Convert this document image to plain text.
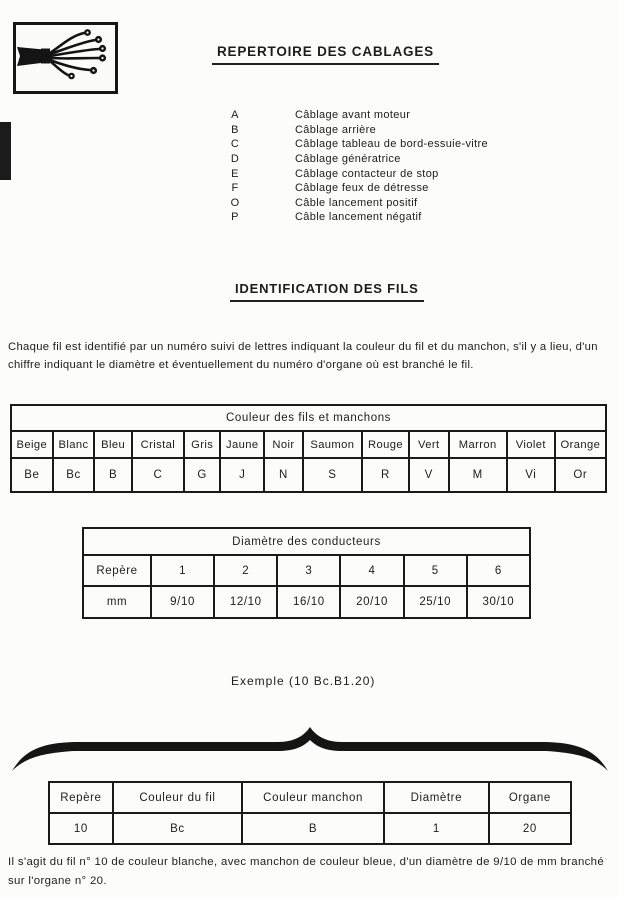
REPERTOIRE DES CABLAGES
A	Câblage avant moteur
B	Câblage arrière
C	Câblage tableau de bord-essuie-vitre
D	Câblage génératrice
E	Câblage contacteur de stop
F	Câblage feux de détresse
O	Câble lancement positif
P	Câble lancement négatif
IDENTIFICATION DES FILS
Chaque fil est identifié par un numéro suivi de lettres indiquant la couleur du fil et du manchon, s'il y a lieu, d'un chiffre indiquant le diamètre et éventuellement du numéro d'organe où est branché le fil.
Couleur des fils et manchons												
Beige	Blanc	Bleu	Cristal	Gris	Jaune	Noir	Saumon	Rouge	Vert	Marron	Violet	Orange
Be	Bc	B	C	G	J	N	S	R	V	M	Vi	Or
Diamètre des conducteurs						
Repère	1	2	3	4	5	6
mm	9/10	12/10	16/10	20/10	25/10	30/10
Exemple (10 Bc.B1.20)
Repère	Couleur du fil	Couleur manchon	Diamètre	Organe
10	Bc	B	1	20
Il s'agit du fil n° 10 de couleur blanche, avec manchon de couleur bleue, d'un diamètre de 9/10 de mm branché sur l'organe n° 20.
